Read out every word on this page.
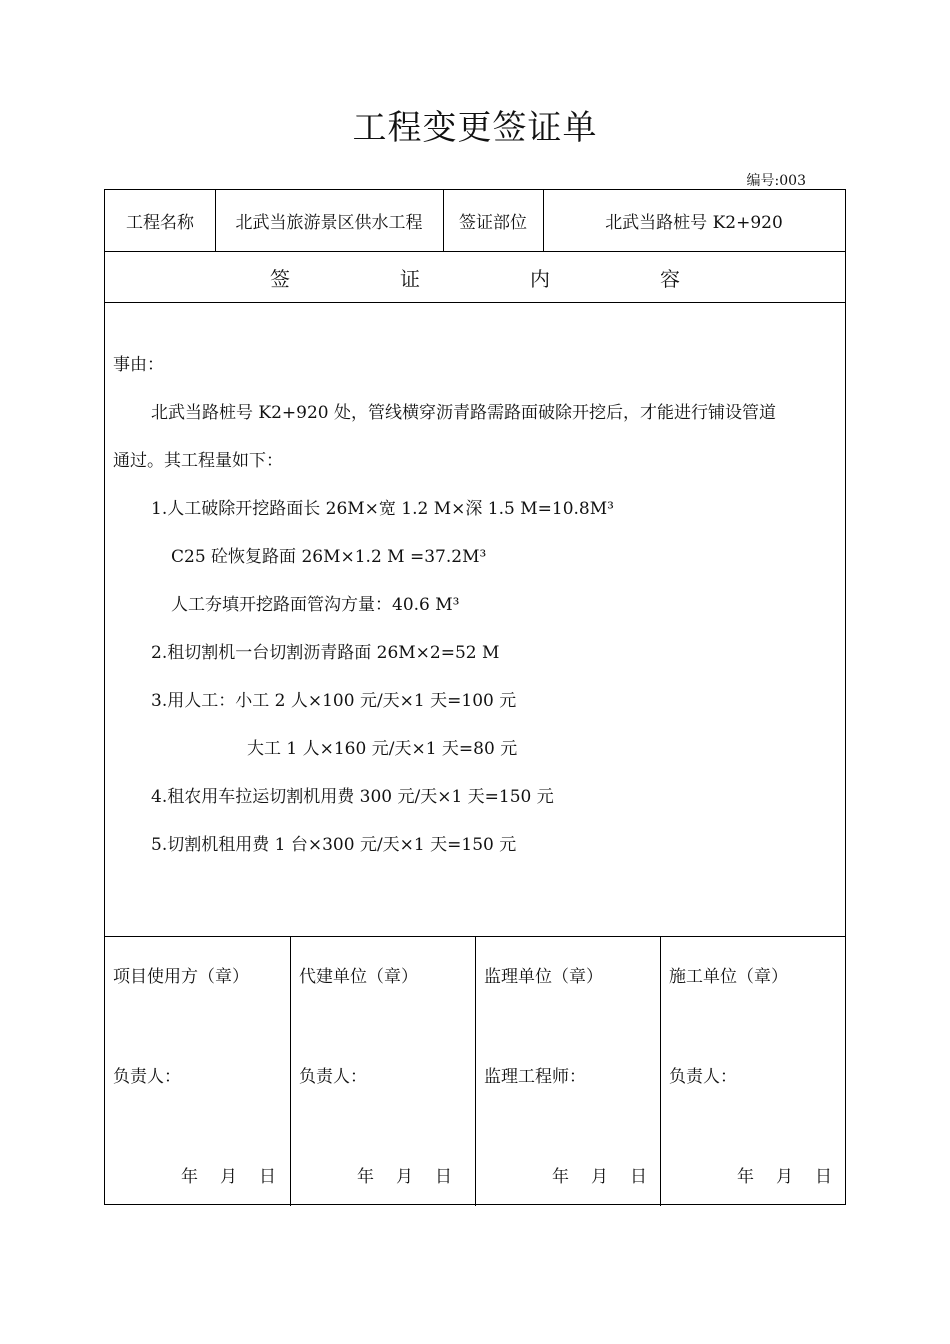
工程变更签证单
编号:003
工程名称	北武当旅游景区供水工程	签证部位	北武当路桩号 K2+920
签	证	内	容
事由：
北武当路桩号 K2+920 处，管线横穿沥青路需路面破除开挖后，才能进行铺设管道
通过。其工程量如下：
1.人工破除开挖路面长 26M×宽 1.2 M×深 1.5 M=10.8M³
C25 砼恢复路面 26M×1.2 M =37.2M³
人工夯填开挖路面管沟方量：40.6 M³
2.租切割机一台切割沥青路面 26M×2=52 M
3.用人工：小工 2 人×100 元/天×1 天=100 元
大工 1 人×160 元/天×1 天=80 元
4.租农用车拉运切割机用费 300 元/天×1 天=150 元
5.切割机租用费 1 台×300 元/天×1 天=150 元
项目使用方（章）
负责人：
年 月 日
代建单位（章）
负责人：
年 月 日
监理单位（章）
监理工程师：
年 月 日
施工单位（章）
负责人：
年 月 日
